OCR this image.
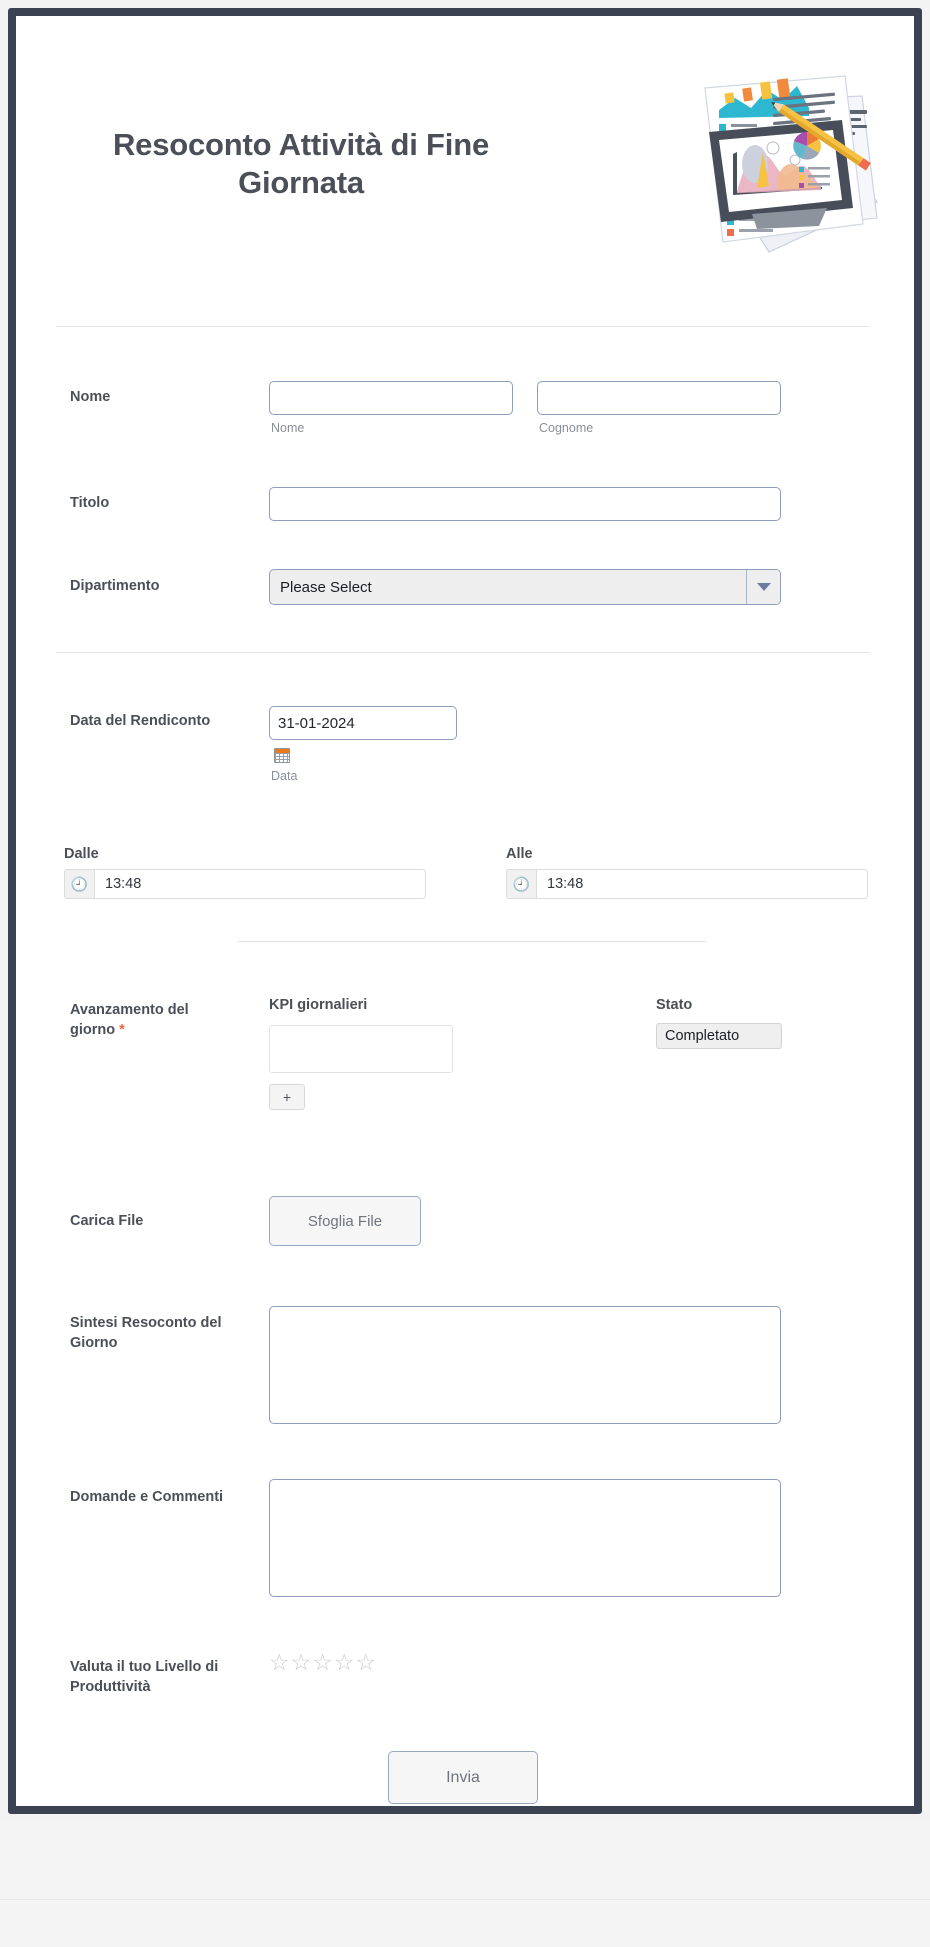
Resoconto Attività di Fine Giornata
Nome
Nome	Cognome
Titolo
Dipartimento	Please Select
Data del Rendiconto
31-01-2024
Data
Dalle
🕘	13:48
Alle
🕘	13:48
Avanzamento del giorno *
KPI giornalieri
+
Stato
Completato
Carica File	Sfoglia File
Sintesi Resoconto del Giorno
Domande e Commenti
Valuta il tuo Livello di Produttività
☆ ☆ ☆ ☆ ☆
Invia
